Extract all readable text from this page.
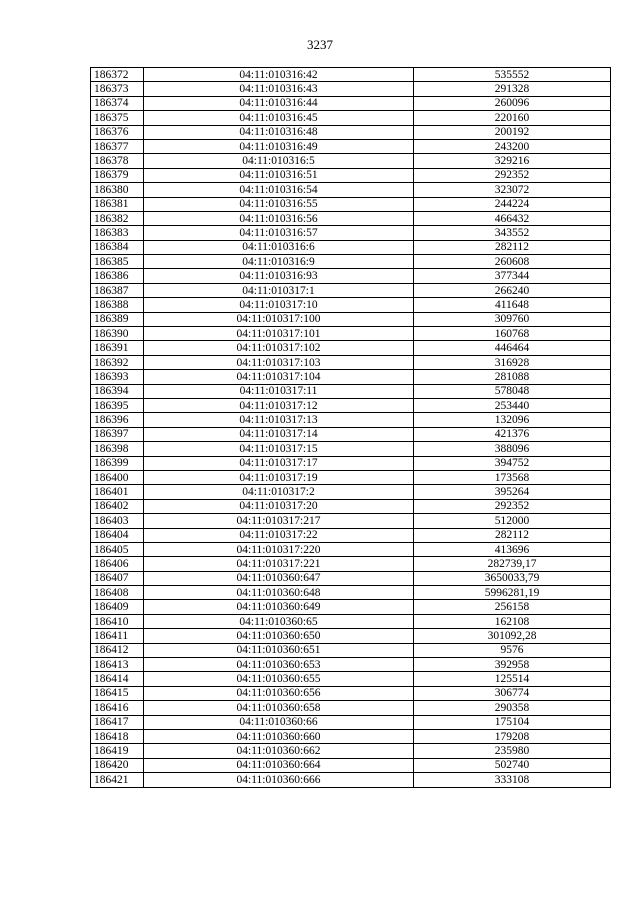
3237
186372	04:11:010316:42	535552
186373	04:11:010316:43	291328
186374	04:11:010316:44	260096
186375	04:11:010316:45	220160
186376	04:11:010316:48	200192
186377	04:11:010316:49	243200
186378	04:11:010316:5	329216
186379	04:11:010316:51	292352
186380	04:11:010316:54	323072
186381	04:11:010316:55	244224
186382	04:11:010316:56	466432
186383	04:11:010316:57	343552
186384	04:11:010316:6	282112
186385	04:11:010316:9	260608
186386	04:11:010316:93	377344
186387	04:11:010317:1	266240
186388	04:11:010317:10	411648
186389	04:11:010317:100	309760
186390	04:11:010317:101	160768
186391	04:11:010317:102	446464
186392	04:11:010317:103	316928
186393	04:11:010317:104	281088
186394	04:11:010317:11	578048
186395	04:11:010317:12	253440
186396	04:11:010317:13	132096
186397	04:11:010317:14	421376
186398	04:11:010317:15	388096
186399	04:11:010317:17	394752
186400	04:11:010317:19	173568
186401	04:11:010317:2	395264
186402	04:11:010317:20	292352
186403	04:11:010317:217	512000
186404	04:11:010317:22	282112
186405	04:11:010317:220	413696
186406	04:11:010317:221	282739,17
186407	04:11:010360:647	3650033,79
186408	04:11:010360:648	5996281,19
186409	04:11:010360:649	256158
186410	04:11:010360:65	162108
186411	04:11:010360:650	301092,28
186412	04:11:010360:651	9576
186413	04:11:010360:653	392958
186414	04:11:010360:655	125514
186415	04:11:010360:656	306774
186416	04:11:010360:658	290358
186417	04:11:010360:66	175104
186418	04:11:010360:660	179208
186419	04:11:010360:662	235980
186420	04:11:010360:664	502740
186421	04:11:010360:666	333108
